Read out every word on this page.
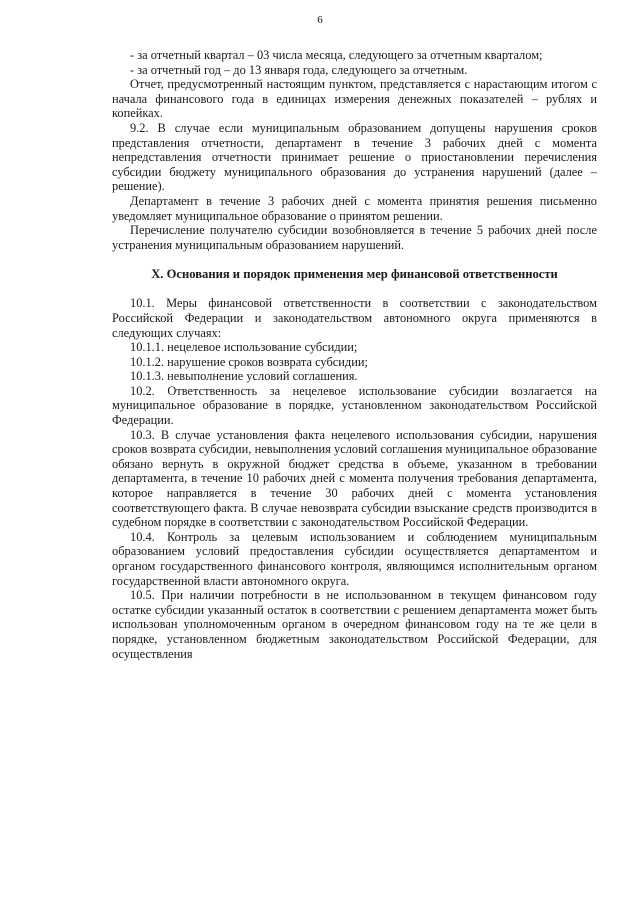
6

- за отчетный квартал – 03 числа месяца, следующего за отчетным кварталом;

- за отчетный год – до 13 января года, следующего за отчетным.

Отчет, предусмотренный настоящим пунктом, представляется с нарастающим итогом с начала финансового года в единицах измерения денежных показателей – рублях и копейках.

9.2. В случае если муниципальным образованием допущены нарушения сроков представления отчетности, департамент в течение 3 рабочих дней с момента непредставления отчетности принимает решение о приостановлении перечисления субсидии бюджету муниципального образования до устранения нарушений (далее – решение).

Департамент в течение 3 рабочих дней с момента принятия решения письменно уведомляет муниципальное образование о принятом решении.

Перечисление получателю субсидии возобновляется в течение 5 рабочих дней после устранения муниципальным образованием нарушений.

X. Основания и порядок применения мер финансовой ответственности

10.1. Меры финансовой ответственности в соответствии с законодательством Российской Федерации и законодательством автономного округа применяются в следующих случаях:

10.1.1. нецелевое использование субсидии;

10.1.2. нарушение сроков возврата субсидии;

10.1.3. невыполнение условий соглашения.

10.2. Ответственность за нецелевое использование субсидии возлагается на муниципальное образование в порядке, установленном законодательством Российской Федерации.

10.3. В случае установления факта нецелевого использования субсидии, нарушения сроков возврата субсидии, невыполнения условий соглашения муниципальное образование обязано вернуть в окружной бюджет средства в объеме, указанном в требовании департамента, в течение 10 рабочих дней с момента получения требования департамента, которое направляется в течение 30 рабочих дней с момента установления соответствующего факта. В случае невозврата субсидии взыскание средств производится в судебном порядке в соответствии с законодательством Российской Федерации.

10.4. Контроль за целевым использованием и соблюдением муниципальным образованием условий предоставления субсидии осуществляется департаментом и органом государственного финансового контроля, являющимся исполнительным органом государственной власти автономного округа.

10.5. При наличии потребности в не использованном в текущем финансовом году остатке субсидии указанный остаток в соответствии с решением департамента может быть использован уполномоченным органом в очередном финансовом году на те же цели в порядке, установленном бюджетным законодательством Российской Федерации, для осуществления
